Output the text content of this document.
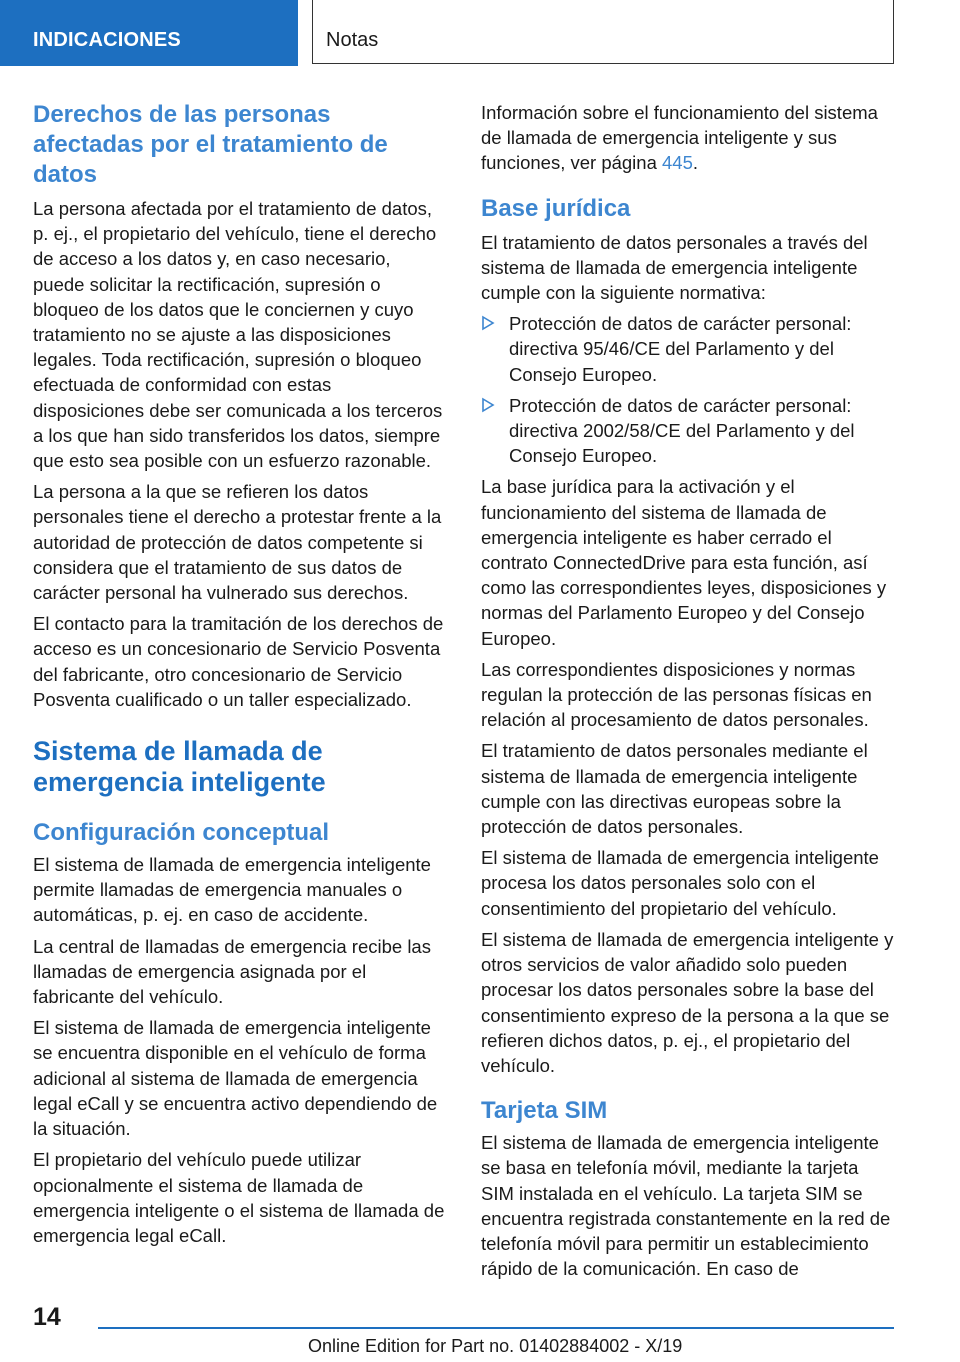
INDICACIONES	Notas
Derechos de las personas afectadas por el tratamiento de datos

La persona afectada por el tratamiento de datos, p. ej., el propietario del vehículo, tiene el derecho de acceso a los datos y, en caso necesario, puede solicitar la rectificación, supresión o bloqueo de los datos que le conciernen y cuyo tratamiento no se ajuste a las disposiciones legales. Toda rectificación, supresión o bloqueo efectuada de conformidad con estas disposiciones debe ser comunicada a los terceros a los que han sido transferidos los datos, siempre que esto sea posible con un esfuerzo razonable.

La persona a la que se refieren los datos personales tiene el derecho a protestar frente a la autoridad de protección de datos competente si considera que el tratamiento de sus datos de carácter personal ha vulnerado sus derechos.

El contacto para la tramitación de los derechos de acceso es un concesionario de Servicio Posventa del fabricante, otro concesionario de Servicio Posventa cualificado o un taller especializado.

Sistema de llamada de emergencia inteligente
Configuración conceptual

El sistema de llamada de emergencia inteligente permite llamadas de emergencia manuales o automáticas, p. ej. en caso de accidente.

La central de llamadas de emergencia recibe las llamadas de emergencia asignada por el fabricante del vehículo.

El sistema de llamada de emergencia inteligente se encuentra disponible en el vehículo de forma adicional al sistema de llamada de emergencia legal eCall y se encuentra activo dependiendo de la situación.

El propietario del vehículo puede utilizar opcionalmente el sistema de llamada de emergencia inteligente o el sistema de llamada de emergencia legal eCall.

Información sobre el funcionamiento del sistema de llamada de emergencia inteligente y sus funciones, ver página 445.

Base jurídica

El tratamiento de datos personales a través del sistema de llamada de emergencia inteligente cumple con la siguiente normativa:

Protección de datos de carácter personal: directiva 95/46/CE del Parlamento y del Consejo Europeo.
Protección de datos de carácter personal: directiva 2002/58/CE del Parlamento y del Consejo Europeo.

La base jurídica para la activación y el funcionamiento del sistema de llamada de emergencia inteligente es haber cerrado el contrato ConnectedDrive para esta función, así como las correspondientes leyes, disposiciones y normas del Parlamento Europeo y del Consejo Europeo.

Las correspondientes disposiciones y normas regulan la protección de las personas físicas en relación al procesamiento de datos personales.

El tratamiento de datos personales mediante el sistema de llamada de emergencia inteligente cumple con las directivas europeas sobre la protección de datos personales.

El sistema de llamada de emergencia inteligente procesa los datos personales solo con el consentimiento del propietario del vehículo.

El sistema de llamada de emergencia inteligente y otros servicios de valor añadido solo pueden procesar los datos personales sobre la base del consentimiento expreso de la persona a la que se refieren dichos datos, p. ej., el propietario del vehículo.

Tarjeta SIM

El sistema de llamada de emergencia inteligente se basa en telefonía móvil, mediante la tarjeta SIM instalada en el vehículo. La tarjeta SIM se encuentra registrada constantemente en la red de telefonía móvil para permitir un establecimiento rápido de la comunicación. En caso de

14
Online Edition for Part no. 01402884002 - X/19
